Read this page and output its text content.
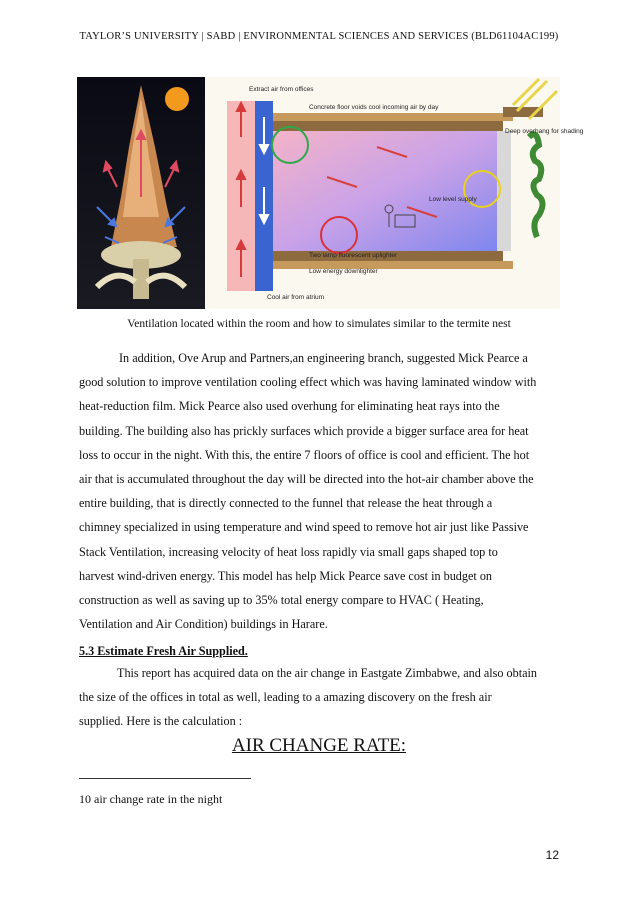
TAYLOR’S UNIVERSITY | SABD | ENVIRONMENTAL SCIENCES AND SERVICES (BLD61104AC199)
Extract air from offices
Concrete floor voids cool incoming air by day
Deep overhang for shading
Low level supply
Two lamp fluorescent uplighter
Low energy downlighter
Cool air from atrium
Ventilation located within the room and how to simulates similar to the termite nest
In addition, Ove Arup and Partners,an engineering branch, suggested Mick Pearce a
good solution to improve ventilation cooling effect which was having laminated window with
heat-reduction film. Mick Pearce also used overhung for eliminating heat rays into the
building. The building also has prickly surfaces which provide a bigger surface area for heat
loss to occur in the night. With this, the entire 7 floors of office is cool and efficient. The hot
air that is accumulated throughout the day will be directed into the hot-air chamber above the
entire building, that is directly connected to the funnel that release the heat through a
chimney specialized in using temperature and wind speed to remove hot air just like Passive
Stack Ventilation, increasing velocity of heat loss rapidly via small gaps shaped top to
harvest wind-driven energy. This model has help Mick Pearce save cost in budget on
construction as well as saving up to 35% total energy compare to HVAC ( Heating,
Ventilation and Air Condition) buildings in Harare.
5.3 Estimate Fresh Air Supplied.
This report has acquired data on the air change in Eastgate Zimbabwe, and also obtain
the size of the offices in total as well, leading to a amazing discovery on the fresh air
supplied. Here is the calculation :
AIR CHANGE RATE:
10 air change rate in the night
12
